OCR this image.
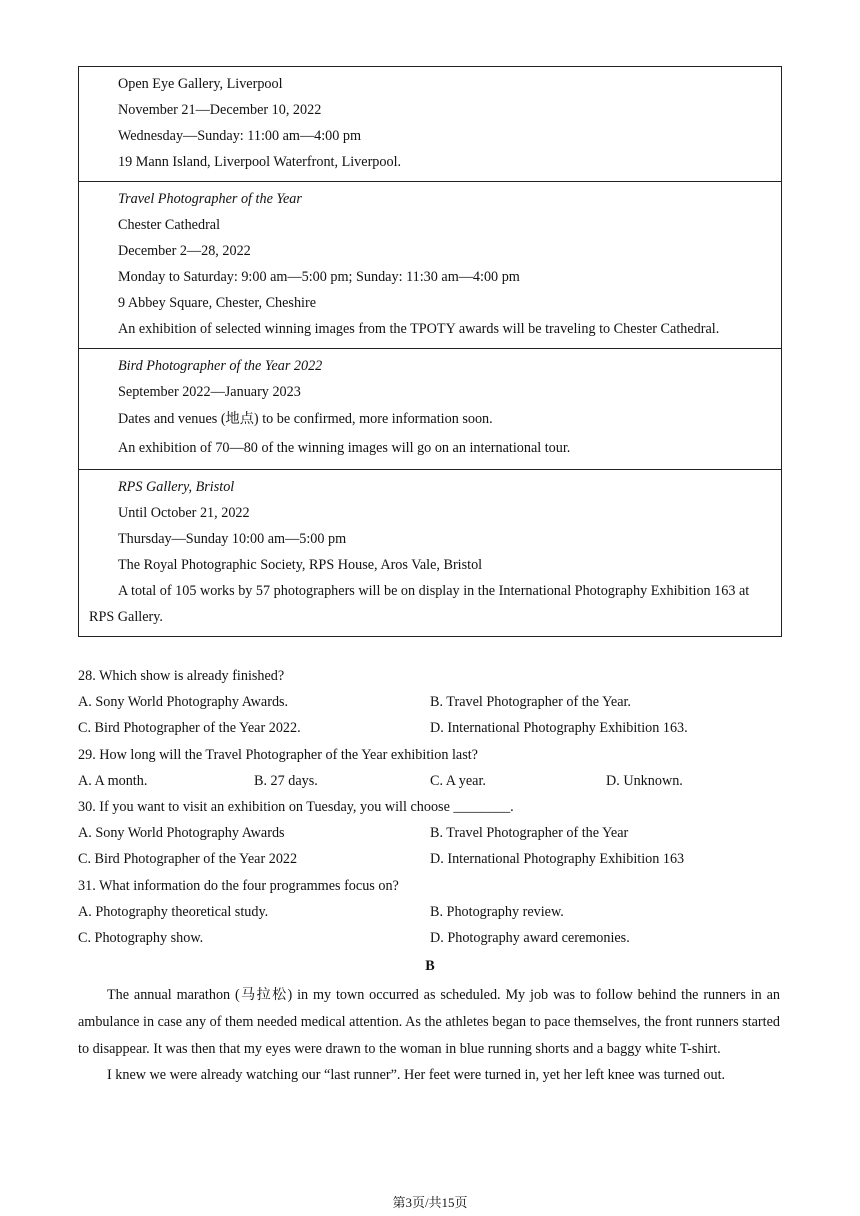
Open Eye Gallery, Liverpool
November 21—December 10, 2022
Wednesday—Sunday: 11:00 am—4:00 pm
19 Mann Island, Liverpool Waterfront, Liverpool.
Travel Photographer of the Year
Chester Cathedral
December 2—28, 2022
Monday to Saturday: 9:00 am—5:00 pm; Sunday: 11:30 am—4:00 pm
9 Abbey Square, Chester, Cheshire
An exhibition of selected winning images from the TPOTY awards will be traveling to Chester Cathedral.
Bird Photographer of the Year 2022
September 2022—January 2023
Dates and venues (地点) to be confirmed, more information soon.
An exhibition of 70—80 of the winning images will go on an international tour.
RPS Gallery, Bristol
Until October 21, 2022
Thursday—Sunday 10:00 am—5:00 pm
The Royal Photographic Society, RPS House, Aros Vale, Bristol
A total of 105 works by 57 photographers will be on display in the International Photography Exhibition 163 at RPS Gallery.
28. Which show is already finished?
A. Sony World Photography Awards.	B. Travel Photographer of the Year.
C. Bird Photographer of the Year 2022.	D. International Photography Exhibition 163.
29. How long will the Travel Photographer of the Year exhibition last?
A. A month.	B. 27 days.	C. A year.	D. Unknown.
30. If you want to visit an exhibition on Tuesday, you will choose ________.
A. Sony World Photography Awards	B. Travel Photographer of the Year
C. Bird Photographer of the Year 2022	D. International Photography Exhibition 163
31. What information do the four programmes focus on?
A. Photography theoretical study.	B. Photography review.
C. Photography show.	D. Photography award ceremonies.
B

The annual marathon (马拉松) in my town occurred as scheduled. My job was to follow behind the runners in an ambulance in case any of them needed medical attention. As the athletes began to pace themselves, the front runners started to disappear. It was then that my eyes were drawn to the woman in blue running shorts and a baggy white T-shirt.

I knew we were already watching our “last runner”. Her feet were turned in, yet her left knee was turned out.

第3页/共15页
